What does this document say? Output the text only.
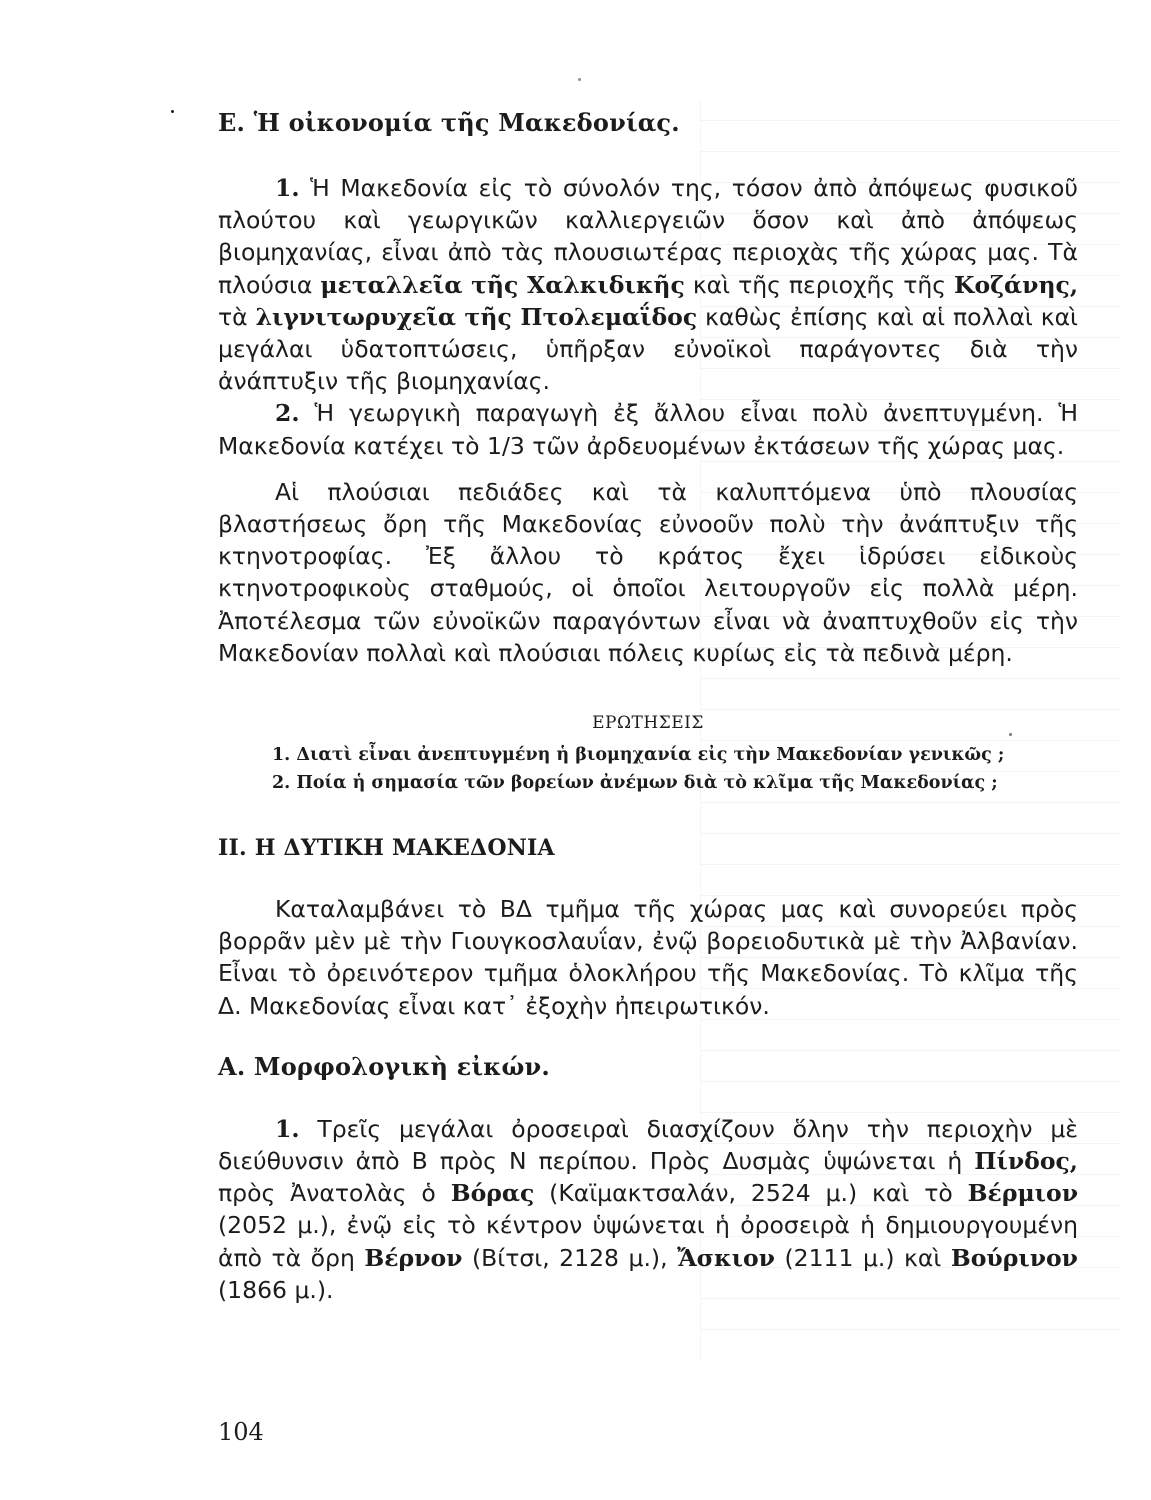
Ε. Ἡ οἰκονομία τῆς Μακεδονίας.

1. Ἡ Μακεδονία εἰς τὸ σύνολόν της, τόσον ἀπὸ ἀπόψεως φυσικοῦ πλούτου καὶ γεωργικῶν καλλιεργειῶν ὅσον καὶ ἀπὸ ἀπόψεως βιομηχανίας, εἶναι ἀπὸ τὰς πλουσιωτέρας περιοχὰς τῆς χώρας μας. Τὰ πλούσια μεταλλεῖα τῆς Χαλκιδικῆς καὶ τῆς περιοχῆς τῆς Κοζάνης, τὰ λιγνιτωρυχεῖα τῆς Πτολεμαΐδος καθὼς ἐπίσης καὶ αἱ πολλαὶ καὶ μεγάλαι ὑδατοπτώσεις, ὑπῆρξαν εὐνοϊκοὶ παράγοντες διὰ τὴν ἀνάπτυξιν τῆς βιομηχανίας.

2. Ἡ γεωργικὴ παραγωγὴ ἐξ ἄλλου εἶναι πολὺ ἀνεπτυγμένη. Ἡ Μακεδονία κατέχει τὸ 1/3 τῶν ἀρδευομένων ἐκτάσεων τῆς χώρας μας.

Αἱ πλούσιαι πεδιάδες καὶ τὰ καλυπτόμενα ὑπὸ πλουσίας βλαστήσεως ὄρη τῆς Μακεδονίας εὐνοοῦν πολὺ τὴν ἀνάπτυξιν τῆς κτηνοτροφίας. Ἐξ ἄλλου τὸ κράτος ἔχει ἱδρύσει εἰδικοὺς κτηνοτροφικοὺς σταθμούς, οἱ ὁποῖοι λειτουργοῦν εἰς πολλὰ μέρη. Ἀποτέλεσμα τῶν εὐνοϊκῶν παραγόντων εἶναι νὰ ἀναπτυχθοῦν εἰς τὴν Μακεδονίαν πολλαὶ καὶ πλούσιαι πόλεις κυρίως εἰς τὰ πεδινὰ μέρη.

ΕΡΩΤΗΣΕΙΣ

1. Διατὶ εἶναι ἀνεπτυγμένη ἡ βιομηχανία εἰς τὴν Μακεδονίαν γενικῶς ;

2. Ποία ἡ σημασία τῶν βορείων ἀνέμων διὰ τὸ κλῖμα τῆς Μακεδονίας ;

ΙΙ. Η ΔΥΤΙΚΗ ΜΑΚΕΔΟΝΙΑ

Καταλαμβάνει τὸ ΒΔ τμῆμα τῆς χώρας μας καὶ συνορεύει πρὸς βορρᾶν μὲν μὲ τὴν Γιουγκοσλαυΐαν, ἐνῷ βορειοδυτικὰ μὲ τὴν Ἀλβανίαν. Εἶναι τὸ ὀρεινότερον τμῆμα ὁλοκλήρου τῆς Μακεδονίας. Τὸ κλῖμα τῆς Δ. Μακεδονίας εἶναι κατ᾽ ἐξοχὴν ἠπειρωτικόν.

Α. Μορφολογικὴ εἰκών.

1. Τρεῖς μεγάλαι ὀροσειραὶ διασχίζουν ὅλην τὴν περιοχὴν μὲ διεύθυνσιν ἀπὸ Β πρὸς Ν περίπου. Πρὸς Δυσμὰς ὑψώνεται ἡ Πίνδος, πρὸς Ἀνατολὰς ὁ Βόρας (Καϊμακτσαλάν, 2524 μ.) καὶ τὸ Βέρμιον (2052 μ.), ἐνῷ εἰς τὸ κέντρον ὑψώνεται ἡ ὀροσειρὰ ἡ δημιουργουμένη ἀπὸ τὰ ὄρη Βέρνον (Βίτσι, 2128 μ.), Ἄσκιον (2111 μ.) καὶ Βούρινον (1866 μ.).

104
